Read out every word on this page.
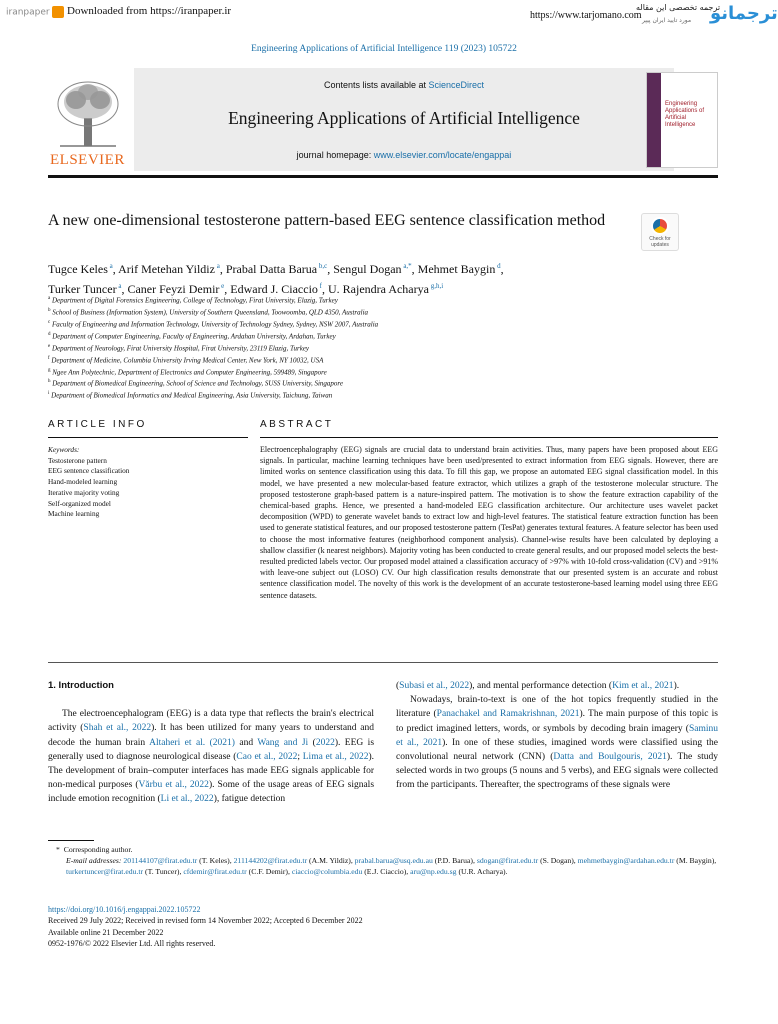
iranpaper	Downloaded from https://iranpaper.ir	https://www.tarjomano.com
ترجمه تخصصی این مقاله
مورد تایید ایران پیپر ترجمانو
Engineering Applications of Artificial Intelligence 119 (2023) 105722
ELSEVIER
Contents lists available at ScienceDirect
Engineering Applications of Artificial Intelligence
journal homepage: www.elsevier.com/locate/engappai
Engineering Applications of
Artificial
Intelligence
A new one-dimensional testosterone pattern-based EEG sentence classification method
Check for updates
Tugce Keles $^a$, Arif Metehan Yildiz $^a$, Prabal Datta Barua $^{b,c}$, Sengul Dogan $^{a,*}$, Mehmet Baygin $^d$,
Turker Tuncer $^a$, Caner Feyzi Demir $^e$, Edward J. Ciaccio $^f$, U. Rajendra Acharya $^{g,h,i}$
$^a$ Department of Digital Forensics Engineering, College of Technology, Firat University, Elazig, Turkey
$^b$ School of Business (Information System), University of Southern Queensland, Toowoomba, QLD 4350, Australia
$^c$ Faculty of Engineering and Information Technology, University of Technology Sydney, Sydney, NSW 2007, Australia
$^d$ Department of Computer Engineering, Faculty of Engineering, Ardahan University, Ardahan, Turkey
$^e$ Department of Neurology, Firat University Hospital, Firat University, 23119 Elazig, Turkey
$^f$ Department of Medicine, Columbia University Irving Medical Center, New York, NY 10032, USA
$^g$ Ngee Ann Polytechnic, Department of Electronics and Computer Engineering, 599489, Singapore
$^h$ Department of Biomedical Engineering, School of Science and Technology, SUSS University, Singapore
$^i$ Department of Biomedical Informatics and Medical Engineering, Asia University, Taichung, Taiwan
ARTICLE INFO
Keywords:
Testosterone pattern
EEG sentence classification
Hand-modeled learning
Iterative majority voting
Self-organized model
Machine learning
ABSTRACT
Electroencephalography (EEG) signals are crucial data to understand brain activities. Thus, many papers have been proposed about EEG signals. In particular, machine learning techniques have been used/presented to extract information from EEG signals. However, there are limited works on sentence classification using this data. To fill this gap, we propose an automated EEG signal classification model. In this model, we have presented a new molecular-based feature extractor, which utilizes a graph of the testosterone molecular structure. The proposed testosterone graph-based pattern is a nature-inspired pattern. The motivation is to show the feature extraction capability of the chemical-based graphs. Hence, we presented a hand-modeled EEG classification architecture. Our architecture uses wavelet packet decomposition (WPD) to generate wavelet bands to extract low and high-level features. The statistical feature extraction function has been used to generate statistical features, and our proposed testosterone pattern (TesPat) generates textural features. A feature selector has been used to choose the most informative features (neighborhood component analysis). Channel-wise results have been calculated by deploying a shallow classifier (k nearest neighbors). Majority voting has been conducted to create general results, and our proposed model selects the best-resulted predicted labels vector. Our proposed model attained a classification accuracy of >97% with 10-fold cross-validation (CV) and >91% with leave-one subject out (LOSO) CV. Our high classification results demonstrate that our presented system is an accurate and robust sentence classification model. The novelty of this work is the development of an accurate testosterone-based learning model using three EEG sentence datasets.
1. Introduction

The electroencephalogram (EEG) is a data type that reflects the brain's electrical activity (Shah et al., 2022). It has been utilized for many years to understand and decode the human brain Altaheri et al. (2021) and Wang and Ji (2022). EEG is generally used to diagnose neurological disease (Cao et al., 2022; Lima et al., 2022). The development of brain–computer interfaces has made EEG signals applicable for non-medical purposes (Vărbu et al., 2022). Some of the usage areas of EEG signals include emotion recognition (Li et al., 2022), fatigue detection

(Subasi et al., 2022), and mental performance detection (Kim et al., 2021).

Nowadays, brain-to-text is one of the hot topics frequently studied in the literature (Panachakel and Ramakrishnan, 2021). The main purpose of this topic is to predict imagined letters, words, or symbols by decoding brain imagery (Saminu et al., 2021). In one of these studies, imagined words were classified using the convolutional neural network (CNN) (Datta and Boulgouris, 2021). The study selected words in two groups (5 nouns and 5 verbs), and EEG signals were collected from the participants. Thereafter, the spectrograms of these signals were

*  Corresponding author.
E-mail addresses: 201144107@firat.edu.tr (T. Keles), 211144202@firat.edu.tr (A.M. Yildiz), prabal.barua@usq.edu.au (P.D. Barua), sdogan@firat.edu.tr (S. Dogan), mehmetbaygin@ardahan.edu.tr (M. Baygin), turkertuncer@firat.edu.tr (T. Tuncer), cfdemir@firat.edu.tr (C.F. Demir), ciaccio@columbia.edu (E.J. Ciaccio), aru@np.edu.sg (U.R. Acharya).
https://doi.org/10.1016/j.engappai.2022.105722
Received 29 July 2022; Received in revised form 14 November 2022; Accepted 6 December 2022
Available online 21 December 2022
0952-1976/© 2022 Elsevier Ltd. All rights reserved.
